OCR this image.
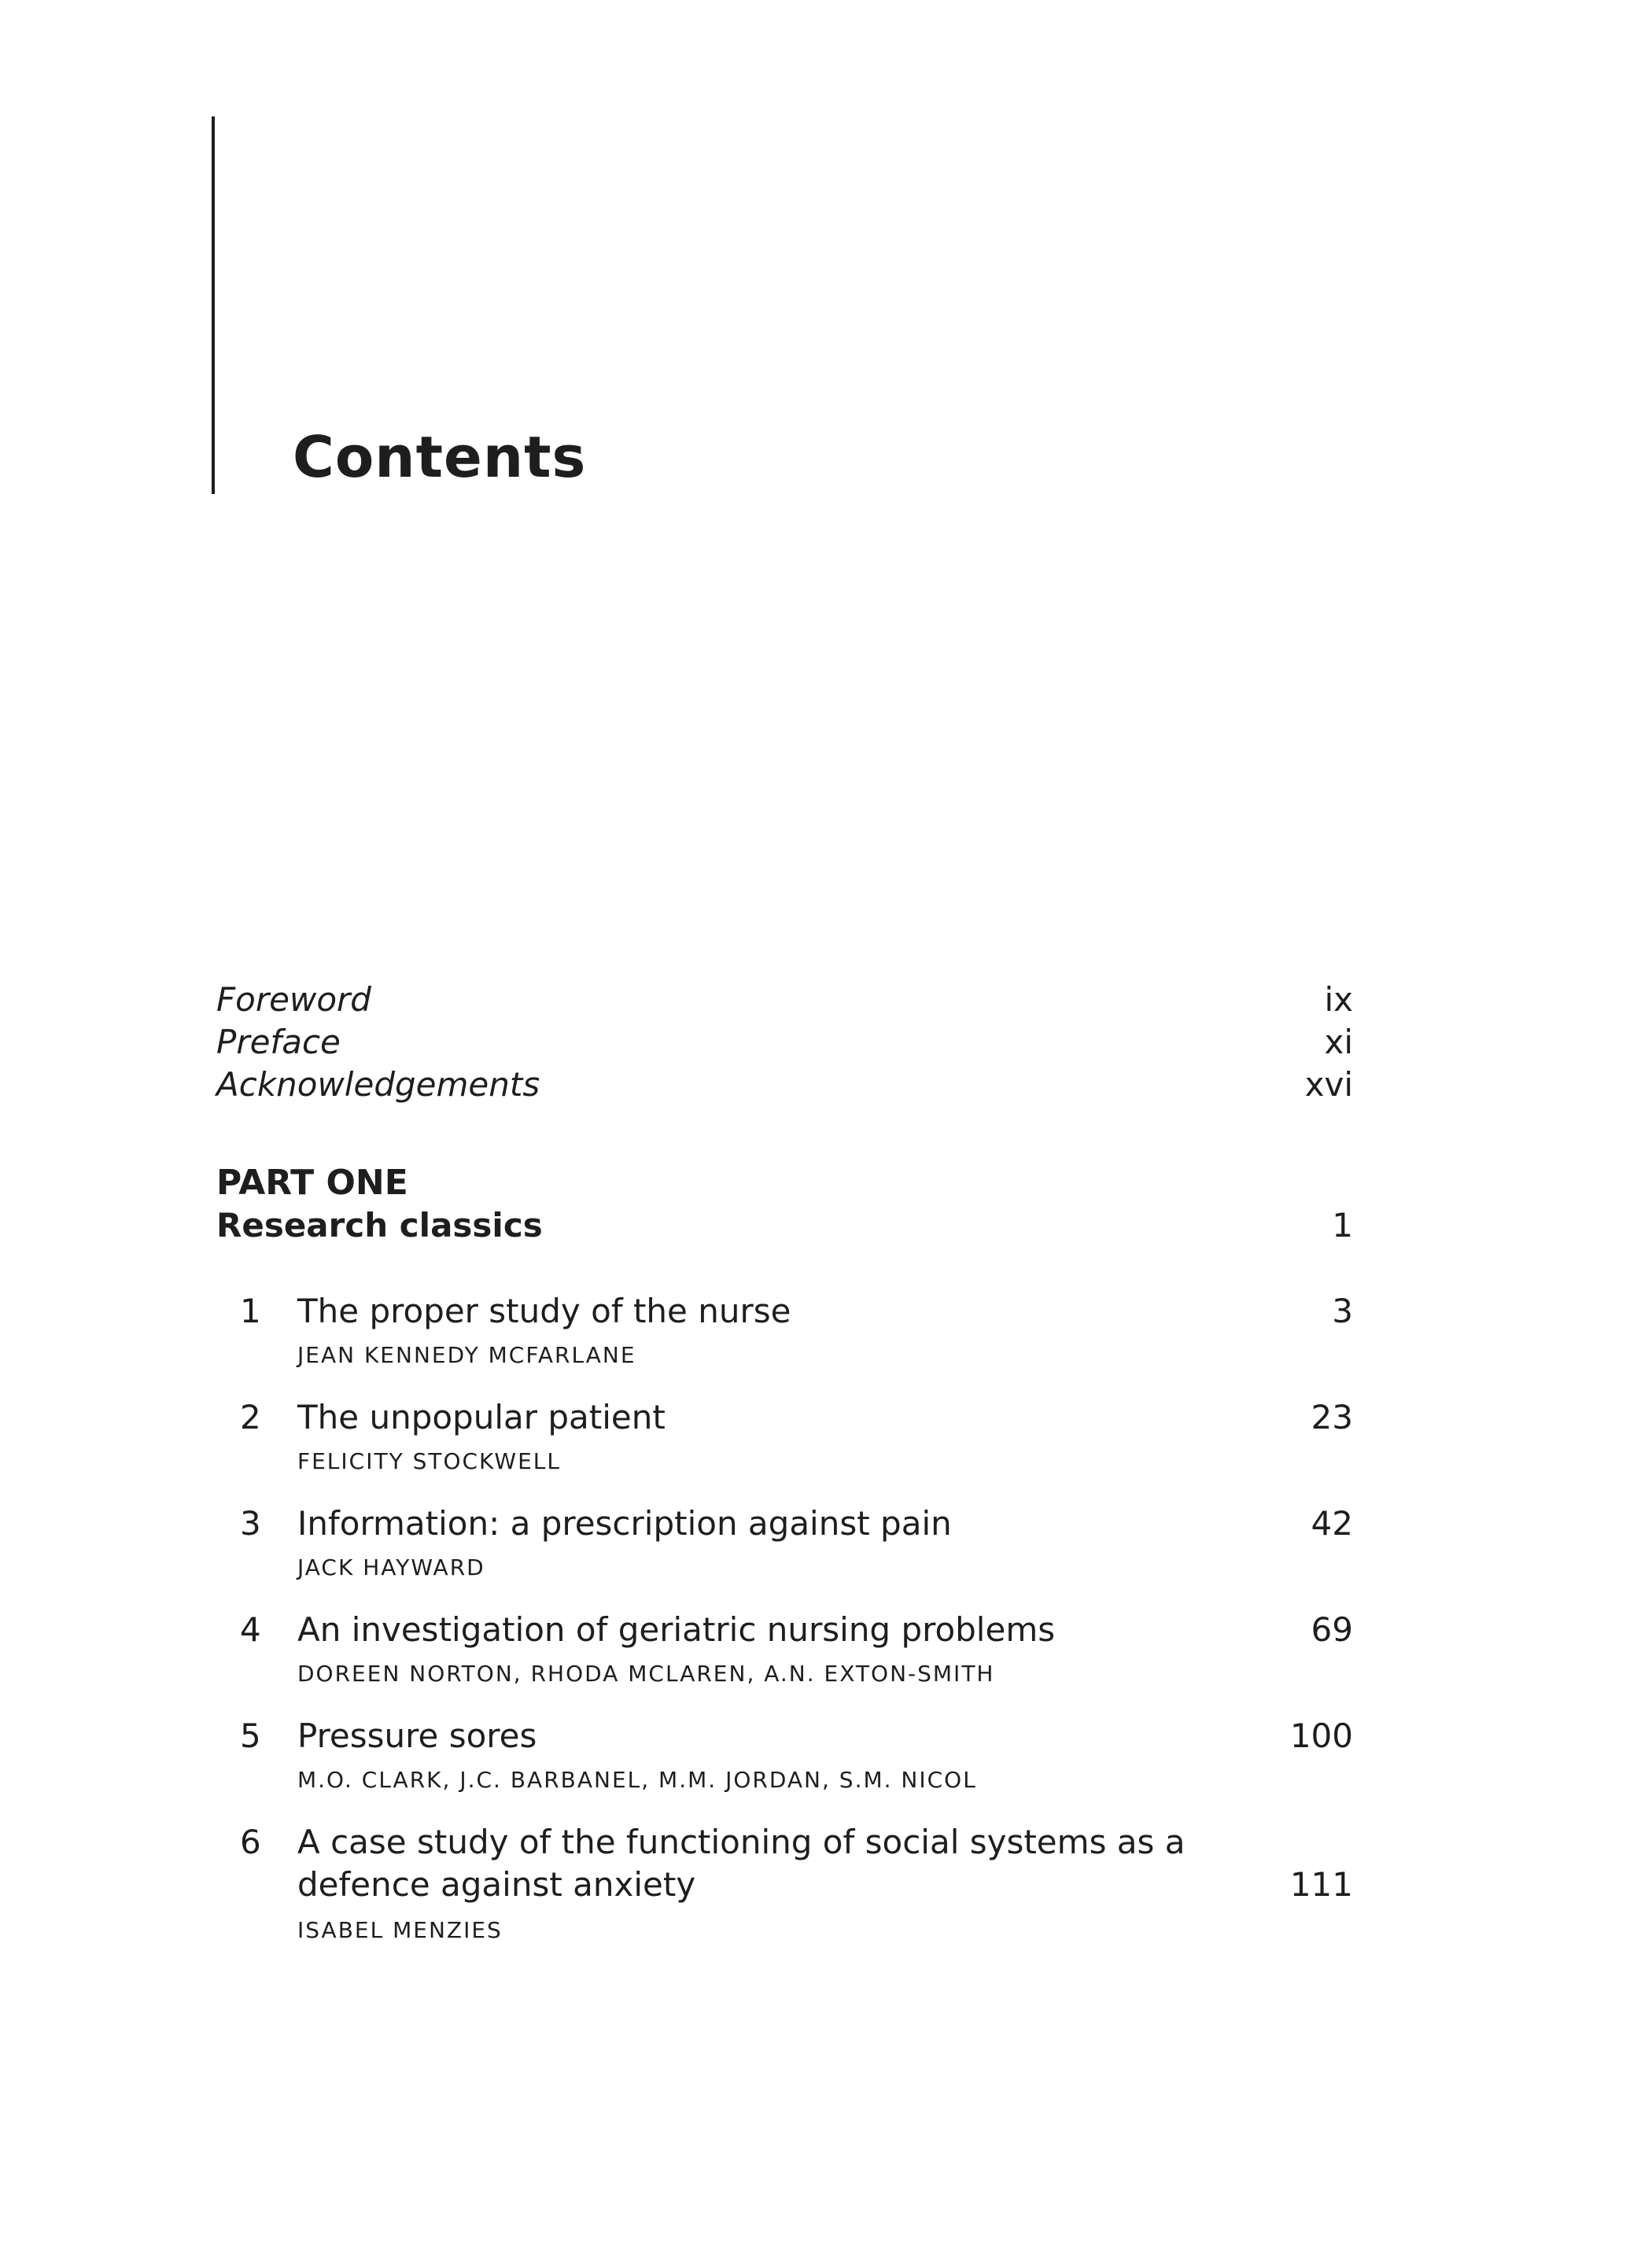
Contents
Foreword	ix
Preface	xi
Acknowledgements	xvi
PART ONE
Research classics	1
1 The proper study of the nurse	3
JEAN KENNEDY MCFARLANE
2 The unpopular patient	23
FELICITY STOCKWELL
3 Information: a prescription against pain	42
JACK HAYWARD
4 An investigation of geriatric nursing problems	69
DOREEN NORTON, RHODA MCLAREN, A.N. EXTON-SMITH
5 Pressure sores	100
M.O. CLARK, J.C. BARBANEL, M.M. JORDAN, S.M. NICOL
6 A case study of the functioning of social systems as a
defence against anxiety	111
ISABEL MENZIES
